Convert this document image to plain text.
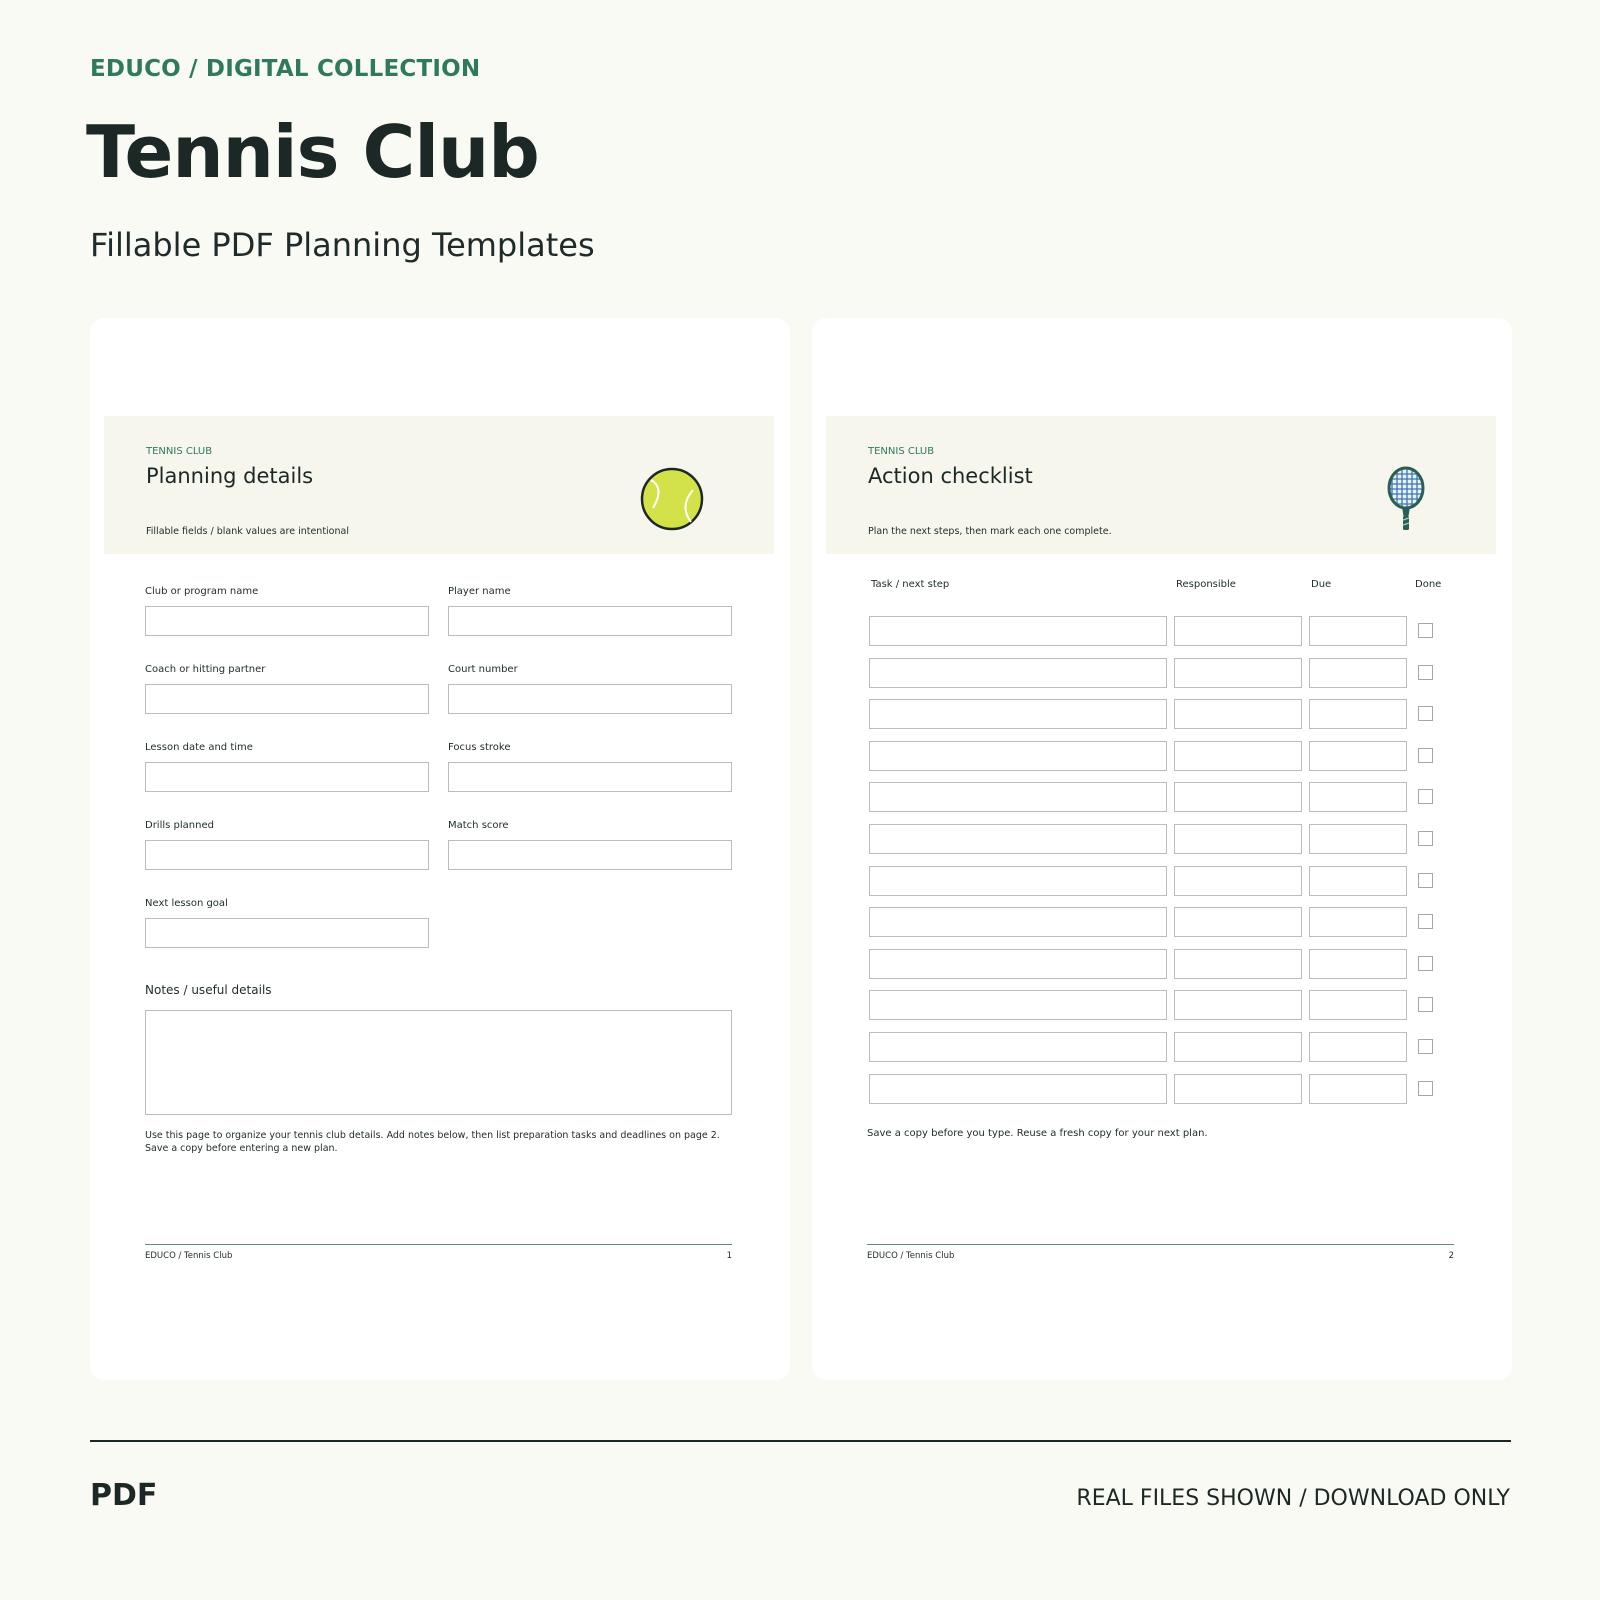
EDUCO / DIGITAL COLLECTION
Tennis Club
Fillable PDF Planning Templates
TENNIS CLUB
Planning details
Fillable fields / blank values are intentional
Club or program name	Player name
Coach or hitting partner	Court number
Lesson date and time	Focus stroke
Drills planned	Match score
Next lesson goal
Notes / useful details
Use this page to organize your tennis club details. Add notes below, then list preparation tasks and deadlines on page 2. Save a copy before entering a new plan.
EDUCO / Tennis Club	1
TENNIS CLUB
Action checklist
Plan the next steps, then mark each one complete.
Task / next step	Responsible	Due	Done
Save a copy before you type. Reuse a fresh copy for your next plan.
EDUCO / Tennis Club	2
PDF	REAL FILES SHOWN / DOWNLOAD ONLY
